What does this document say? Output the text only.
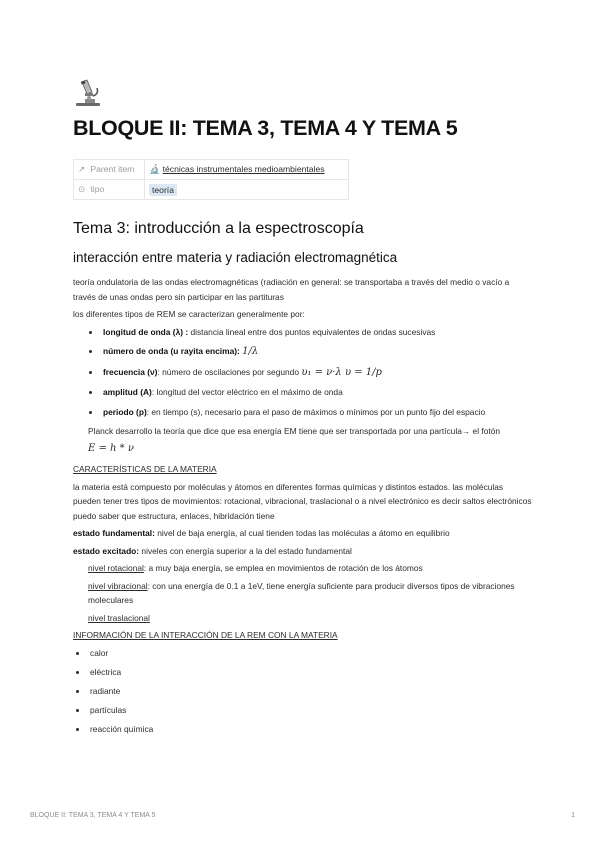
BLOQUE II: TEMA 3, TEMA 4 Y TEMA 5
↗ Parent item	🔬 técnicas instrumentales medioambientales
⊙ tipo	teoría
Tema 3: introducción a la espectroscopía
interacción entre materia y radiación electromagnética

teoría ondulatoria de las ondas electromagnéticas (radiación en general: se transportaba a través del medio o vacío a través de unas ondas pero sin participar en las partituras

los diferentes tipos de REM se caracterizan generalmente por:

• longitud de onda (λ) : distancia lineal entre dos puntos equivalentes de ondas sucesivas
• número de onda (u rayita encima): 1/λ
• frecuencia (ν): número de oscilaciones por segundo υ₁ = ν·λ υ = 1/p
• amplitud (A): longitud del vector eléctrico en el máximo de onda
• periodo (p): en tiempo (s), necesario para el paso de máximos o mínimos por un punto fijo del espacio

Planck desarrollo la teoría que dice que esa energía EM tiene que ser transportada por una partícula→ el fotón

E = h * ν

CARACTERÍSTICAS DE LA MATERIA

la materia está compuesto por moléculas y átomos en diferentes formas químicas y distintos estados. las moléculas pueden tener tres tipos de movimientos: rotacional, vibracional, traslacional o a nivel electrónico es decir saltos electrónicos puedo saber que estructura, enlaces, hibridación tiene

estado fundamental: nivel de baja energía, al cual tienden todas las moléculas a átomo en equilibrio

estado excitado: niveles con energía superior a la del estado fundamental

nivel rotacional: a muy baja energía, se emplea en movimientos de rotación de los átomos

nivel vibracional: con una energía de 0.1 a 1eV, tiene energía suficiente para producir diversos tipos de vibraciones moleculares

nivel traslacional

INFORMACIÓN DE LA INTERACCIÓN DE LA REM CON LA MATERIA

• calor
• eléctrica
• radiante
• partículas
• reacción química
BLOQUE II: TEMA 3, TEMA 4 Y TEMA 5	1
